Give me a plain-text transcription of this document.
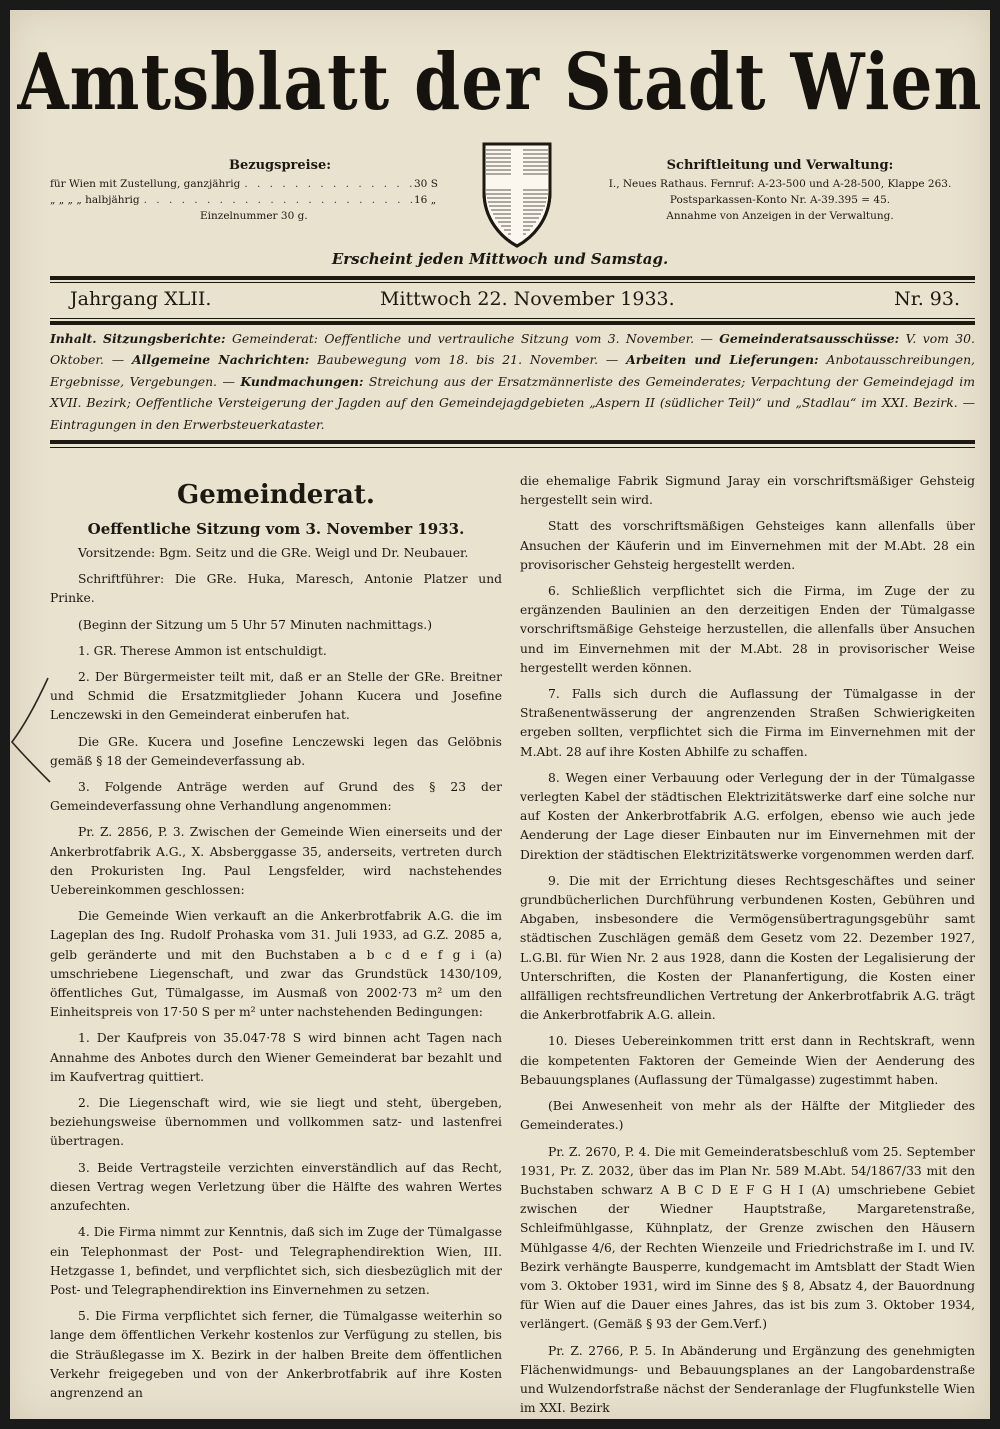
Amtsblatt der Stadt Wien
Bezugspreise:
für Wien mit Zustellung, ganzjährig . . .	30 S
„ „ „ „ halbjährig . . .	16 „
Einzelnummer 30 g.
Schriftleitung und Verwaltung:
I., Neues Rathaus. Fernruf: A-23-500 und A-28-500, Klappe 263.
Postsparkassen-Konto Nr. A-39.395 = 45.
Annahme von Anzeigen in der Verwaltung.
Erscheint jeden Mittwoch und Samstag.
Jahrgang XLII.	Mittwoch 22. November 1933.	Nr. 93.
Inhalt. Sitzungsberichte: Gemeinderat: Oeffentliche und vertrauliche Sitzung vom 3. November. — Gemeinderatsausschüsse: V. vom 30. Oktober. — Allgemeine Nachrichten: Baubewegung vom 18. bis 21. November. — Arbeiten und Lieferungen: Anbotausschreibungen, Ergebnisse, Vergebungen. — Kundmachungen: Streichung aus der Ersatzmännerliste des Gemeinderates; Verpachtung der Gemeindejagd im XVII. Bezirk; Oeffentliche Versteigerung der Jagden auf den Gemeindejagdgebieten „Aspern II (südlicher Teil)“ und „Stadlau“ im XXI. Bezirk. — Eintragungen in den Erwerbsteuerkataster.
Gemeinderat.
Oeffentliche Sitzung vom 3. November 1933.

Vorsitzende: Bgm. Seitz und die GRe. Weigl und Dr. Neubauer.

Schriftführer: Die GRe. Huka, Maresch, Antonie Platzer und Prinke.

(Beginn der Sitzung um 5 Uhr 57 Minuten nachmittags.)

1. GR. Therese Ammon ist entschuldigt.

2. Der Bürgermeister teilt mit, daß er an Stelle der GRe. Breitner und Schmid die Ersatzmitglieder Johann Kucera und Josefine Lenczewski in den Gemeinderat einberufen hat.

Die GRe. Kucera und Josefine Lenczewski legen das Gelöbnis gemäß § 18 der Gemeindeverfassung ab.

3. Folgende Anträge werden auf Grund des § 23 der Gemeindeverfassung ohne Verhandlung angenommen:

Pr. Z. 2856, P. 3. Zwischen der Gemeinde Wien einerseits und der Ankerbrotfabrik A.G., X. Absberggasse 35, anderseits, vertreten durch den Prokuristen Ing. Paul Lengsfelder, wird nachstehendes Uebereinkommen geschlossen:

Die Gemeinde Wien verkauft an die Ankerbrotfabrik A.G. die im Lageplan des Ing. Rudolf Prohaska vom 31. Juli 1933, ad G.Z. 2085 a, gelb geränderte und mit den Buchstaben a b c d e f g i (a) umschriebene Liegenschaft, und zwar das Grundstück 1430/109, öffentliches Gut, Tümalgasse, im Ausmaß von 2002·73 m² um den Einheitspreis von 17·50 S per m² unter nachstehenden Bedingungen:

1. Der Kaufpreis von 35.047·78 S wird binnen acht Tagen nach Annahme des Anbotes durch den Wiener Gemeinderat bar bezahlt und im Kaufvertrag quittiert.

2. Die Liegenschaft wird, wie sie liegt und steht, übergeben, beziehungsweise übernommen und vollkommen satz- und lastenfrei übertragen.

3. Beide Vertragsteile verzichten einverständlich auf das Recht, diesen Vertrag wegen Verletzung über die Hälfte des wahren Wertes anzufechten.

4. Die Firma nimmt zur Kenntnis, daß sich im Zuge der Tümalgasse ein Telephonmast der Post- und Telegraphendirektion Wien, III. Hetzgasse 1, befindet, und verpflichtet sich, sich diesbezüglich mit der Post- und Telegraphendirektion ins Einvernehmen zu setzen.

5. Die Firma verpflichtet sich ferner, die Tümalgasse weiterhin so lange dem öffentlichen Verkehr kostenlos zur Verfügung zu stellen, bis die Sträußlegasse im X. Bezirk in der halben Breite dem öffentlichen Verkehr freigegeben und von der Ankerbrotfabrik auf ihre Kosten angrenzend an

die ehemalige Fabrik Sigmund Jaray ein vorschriftsmäßiger Gehsteig hergestellt sein wird.

Statt des vorschriftsmäßigen Gehsteiges kann allenfalls über Ansuchen der Käuferin und im Einvernehmen mit der M.Abt. 28 ein provisorischer Gehsteig hergestellt werden.

6. Schließlich verpflichtet sich die Firma, im Zuge der zu ergänzenden Baulinien an den derzeitigen Enden der Tümalgasse vorschriftsmäßige Gehsteige herzustellen, die allenfalls über Ansuchen und im Einvernehmen mit der M.Abt. 28 in provisorischer Weise hergestellt werden können.

7. Falls sich durch die Auflassung der Tümalgasse in der Straßenentwässerung der angrenzenden Straßen Schwierigkeiten ergeben sollten, verpflichtet sich die Firma im Einvernehmen mit der M.Abt. 28 auf ihre Kosten Abhilfe zu schaffen.

8. Wegen einer Verbauung oder Verlegung der in der Tümalgasse verlegten Kabel der städtischen Elektrizitätswerke darf eine solche nur auf Kosten der Ankerbrotfabrik A.G. erfolgen, ebenso wie auch jede Aenderung der Lage dieser Einbauten nur im Einvernehmen mit der Direktion der städtischen Elektrizitätswerke vorgenommen werden darf.

9. Die mit der Errichtung dieses Rechtsgeschäftes und seiner grundbücherlichen Durchführung verbundenen Kosten, Gebühren und Abgaben, insbesondere die Vermögensübertragungsgebühr samt städtischen Zuschlägen gemäß dem Gesetz vom 22. Dezember 1927, L.G.Bl. für Wien Nr. 2 aus 1928, dann die Kosten der Legalisierung der Unterschriften, die Kosten der Plananfertigung, die Kosten einer allfälligen rechtsfreundlichen Vertretung der Ankerbrotfabrik A.G. trägt die Ankerbrotfabrik A.G. allein.

10. Dieses Uebereinkommen tritt erst dann in Rechtskraft, wenn die kompetenten Faktoren der Gemeinde Wien der Aenderung des Bebauungsplanes (Auflassung der Tümalgasse) zugestimmt haben.

(Bei Anwesenheit von mehr als der Hälfte der Mitglieder des Gemeinderates.)

Pr. Z. 2670, P. 4. Die mit Gemeinderatsbeschluß vom 25. September 1931, Pr. Z. 2032, über das im Plan Nr. 589 M.Abt. 54/1867/33 mit den Buchstaben schwarz A B C D E F G H I (A) umschriebene Gebiet zwischen der Wiedner Hauptstraße, Margaretenstraße, Schleifmühlgasse, Kühnplatz, der Grenze zwischen den Häusern Mühlgasse 4/6, der Rechten Wienzeile und Friedrichstraße im I. und IV. Bezirk verhängte Bausperre, kundgemacht im Amtsblatt der Stadt Wien vom 3. Oktober 1931, wird im Sinne des § 8, Absatz 4, der Bauordnung für Wien auf die Dauer eines Jahres, das ist bis zum 3. Oktober 1934, verlängert. (Gemäß § 93 der Gem.Verf.)

Pr. Z. 2766, P. 5. In Abänderung und Ergänzung des genehmigten Flächenwidmungs- und Bebauungsplanes an der Langobardenstraße und Wulzendorfstraße nächst der Senderanlage der Flugfunkstelle Wien im XXI. Bezirk
